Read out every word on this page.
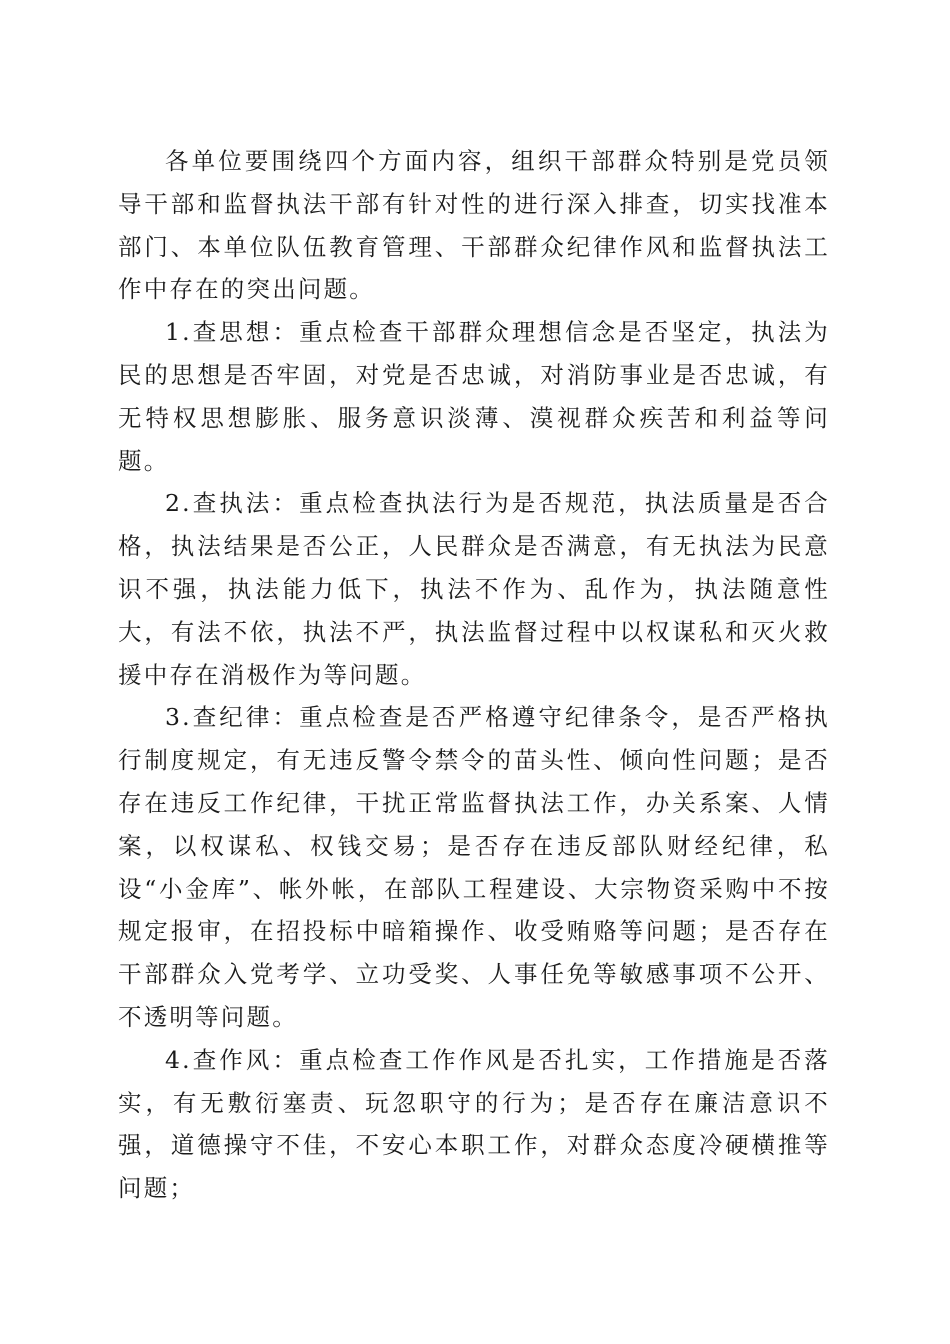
各单位要围绕四个方面内容，组织干部群众特别是党员领导干部和监督执法干部有针对性的进行深入排查，切实找准本部门、本单位队伍教育管理、干部群众纪律作风和监督执法工作中存在的突出问题。

1.查思想：重点检查干部群众理想信念是否坚定，执法为民的思想是否牢固，对党是否忠诚，对消防事业是否忠诚，有无特权思想膨胀、服务意识淡薄、漠视群众疾苦和利益等问题。

2.查执法：重点检查执法行为是否规范，执法质量是否合格，执法结果是否公正，人民群众是否满意，有无执法为民意识不强，执法能力低下，执法不作为、乱作为，执法随意性大，有法不依，执法不严，执法监督过程中以权谋私和灭火救援中存在消极作为等问题。

3.查纪律：重点检查是否严格遵守纪律条令，是否严格执行制度规定，有无违反警令禁令的苗头性、倾向性问题；是否存在违反工作纪律，干扰正常监督执法工作，办关系案、人情案，以权谋私、权钱交易；是否存在违反部队财经纪律，私设“小金库”、帐外帐，在部队工程建设、大宗物资采购中不按规定报审，在招投标中暗箱操作、收受贿赂等问题；是否存在干部群众入党考学、立功受奖、人事任免等敏感事项不公开、不透明等问题。

4.查作风：重点检查工作作风是否扎实，工作措施是否落实，有无敷衍塞责、玩忽职守的行为；是否存在廉洁意识不强，道德操守不佳，不安心本职工作，对群众态度冷硬横推等问题；
